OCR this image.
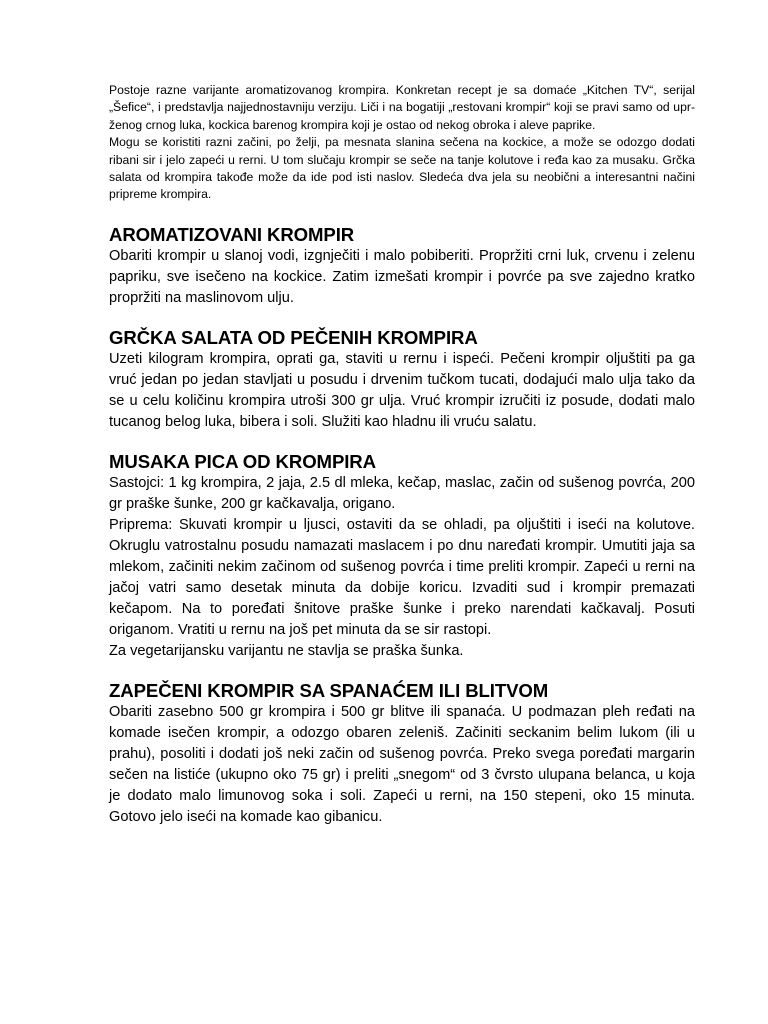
Postoje razne varijante aromatizovanog krompira. Konkretan recept je sa domaće „Kitchen TV“, serijal „Šefice“, i predstavlja najjednostavniju verziju. Liči i na bogatiji „restovani krompir“ koji se pravi samo od uprženog crnog luka, kockica barenog krompira koji je ostao od nekog obroka i aleve paprike.

Mogu se koristiti razni začini, po želji, pa mesnata slanina sečena na kockice, a može se odozgo dodati ribani sir i jelo zapeći u rerni. U tom slučaju krompir se seče na tanje kolutove i ređa kao za musaku. Grčka salata od krompira takođe može da ide pod isti naslov. Sledeća dva jela su neobični a interesantni načini pripreme krompira.

AROMATIZOVANI KROMPIR

Obariti krompir u slanoj vodi, izgnječiti i malo pobiberiti. Propržiti crni luk, crvenu i zelenu papriku, sve isečeno na kockice. Zatim izmešati krompir i povrće pa sve zajedno kratko propržiti na maslinovom ulju.

GRČKA SALATA OD PEČENIH KROMPIRA

Uzeti kilogram krompira, oprati ga, staviti u rernu i ispeći. Pečeni krompir oljuštiti pa ga vruć jedan po jedan stavljati u posudu i drvenim tučkom tucati, dodajući malo ulja tako da se u celu količinu krompira utroši 300 gr ulja. Vruć krompir izručiti iz posude, dodati malo tucanog belog luka, bibera i soli. Služiti kao hladnu ili vruću salatu.

MUSAKA PICA OD KROMPIRA

Sastojci: 1 kg krompira, 2 jaja, 2.5 dl mleka, kečap, maslac, začin od sušenog povrća, 200 gr praške šunke, 200 gr kačkavalja, origano.

Priprema: Skuvati krompir u ljusci, ostaviti da se ohladi, pa oljuštiti i iseći na kolutove. Okruglu vatrostalnu posudu namazati maslacem i po dnu naređati krompir. Umutiti jaja sa mlekom, začiniti nekim začinom od sušenog povrća i time preliti krompir. Zapeći u rerni na jačoj vatri samo desetak minuta da dobije koricu. Izvaditi sud i krompir premazati kečapom. Na to poređati šnitove praške šunke i preko narendati kačkavalj. Posuti origanom. Vratiti u rernu na još pet minuta da se sir rastopi.

Za vegetarijansku varijantu ne stavlja se praška šunka.

ZAPEČENI KROMPIR SA SPANAĆEM ILI BLITVOM

Obariti zasebno 500 gr krompira i 500 gr blitve ili spanaća. U podmazan pleh ređati na komade isečen krompir, a odozgo obaren zeleniš. Začiniti seckanim belim lukom (ili u prahu), posoliti i dodati još neki začin od sušenog povrća. Preko svega poređati margarin sečen na listiće (ukupno oko 75 gr) i preliti „snegom“ od 3 čvrsto ulupana belanca, u koja je dodato malo limunovog soka i soli. Zapeći u rerni, na 150 stepeni, oko 15 minuta. Gotovo jelo iseći na komade kao gibanicu.
